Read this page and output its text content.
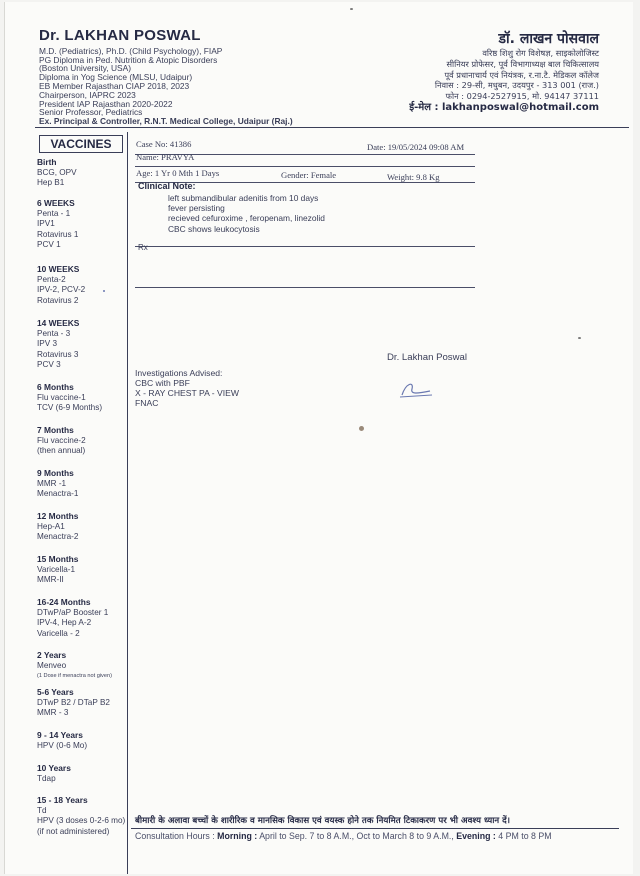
Dr. LAKHAN POSWAL
M.D. (Pediatrics), Ph.D. (Child Psychology), FIAP
PG Diploma in Ped. Nutrition & Atopic Disorders
(Boston University, USA)
Diploma in Yog Science (MLSU, Udaipur)
EB Member Rajasthan CIAP 2018, 2023
Chairperson, IAPRC 2023
President IAP Rajasthan 2020-2022
Senior Professor, Pediatrics
Ex. Principal & Controller, R.N.T. Medical College, Udaipur (Raj.)
डॉ. लाखन पोसवाल
वरिष्ठ शिशु रोग विशेषज्ञ, साइकोलोजिस्ट
सीनियर प्रोफेसर, पूर्व विभागाध्यक्ष बाल चिकित्सालय
पूर्व प्रधानाचार्य एवं नियंत्रक, र.ना.टै. मेडिकल कॉलेज
निवास : 29-सी, मधुबन, उदयपुर - 313 001 (राज.)
फोन : 0294-2527915, मो. 94147 37111
ई-मेल : lakhanposwal@hotmail.com
VACCINES
Birth
BCG, OPV
Hep B1
6 WEEKS
Penta - 1
IPV1
Rotavirus 1
PCV 1
10 WEEKS
Penta-2
IPV-2, PCV-2
Rotavirus 2
14 WEEKS
Penta - 3
IPV 3
Rotavirus 3
PCV 3
6 Months
Flu vaccine-1
TCV (6-9 Months)
7 Months
Flu vaccine-2
(then annual)
9 Months
MMR -1
Menactra-1
12 Months
Hep-A1
Menactra-2
15 Months
Varicella-1
MMR-II
16-24 Months
DTwP/aP Booster 1
IPV-4, Hep A-2
Varicella - 2
2 Years
Menveo
(1 Dose if menactra not given)
5-6 Years
DTwP B2 / DTaP B2
MMR - 3
9 - 14 Years
HPV (0-6 Mo)
10 Years
Tdap
15 - 18 Years
Td
HPV (3 doses 0-2-6 mo)
(if not administered)
Case No: 41386	Date: 19/05/2024 09:08 AM
Name: PRAVYA
Age: 1 Yr 0 Mth 1 Days	Gender: Female	Weight: 9.8 Kg
Clinical Note:
left submandibular adenitis from 10 days
fever persisting
recieved cefuroxime , feropenam, linezolid
CBC shows leukocytosis
Rx
Dr. Lakhan Poswal
Investigations Advised:
CBC with PBF
X - RAY CHEST PA - VIEW
FNAC
बीमारी के अलावा बच्चों के शारीरिक व मानसिक विकास एवं वयस्क होने तक नियमित टिकाकरण पर भी अवश्य ध्यान दें।
Consultation Hours : Morning : April to Sep. 7 to 8 A.M., Oct to March 8 to 9 A.M., Evening : 4 PM to 8 PM
